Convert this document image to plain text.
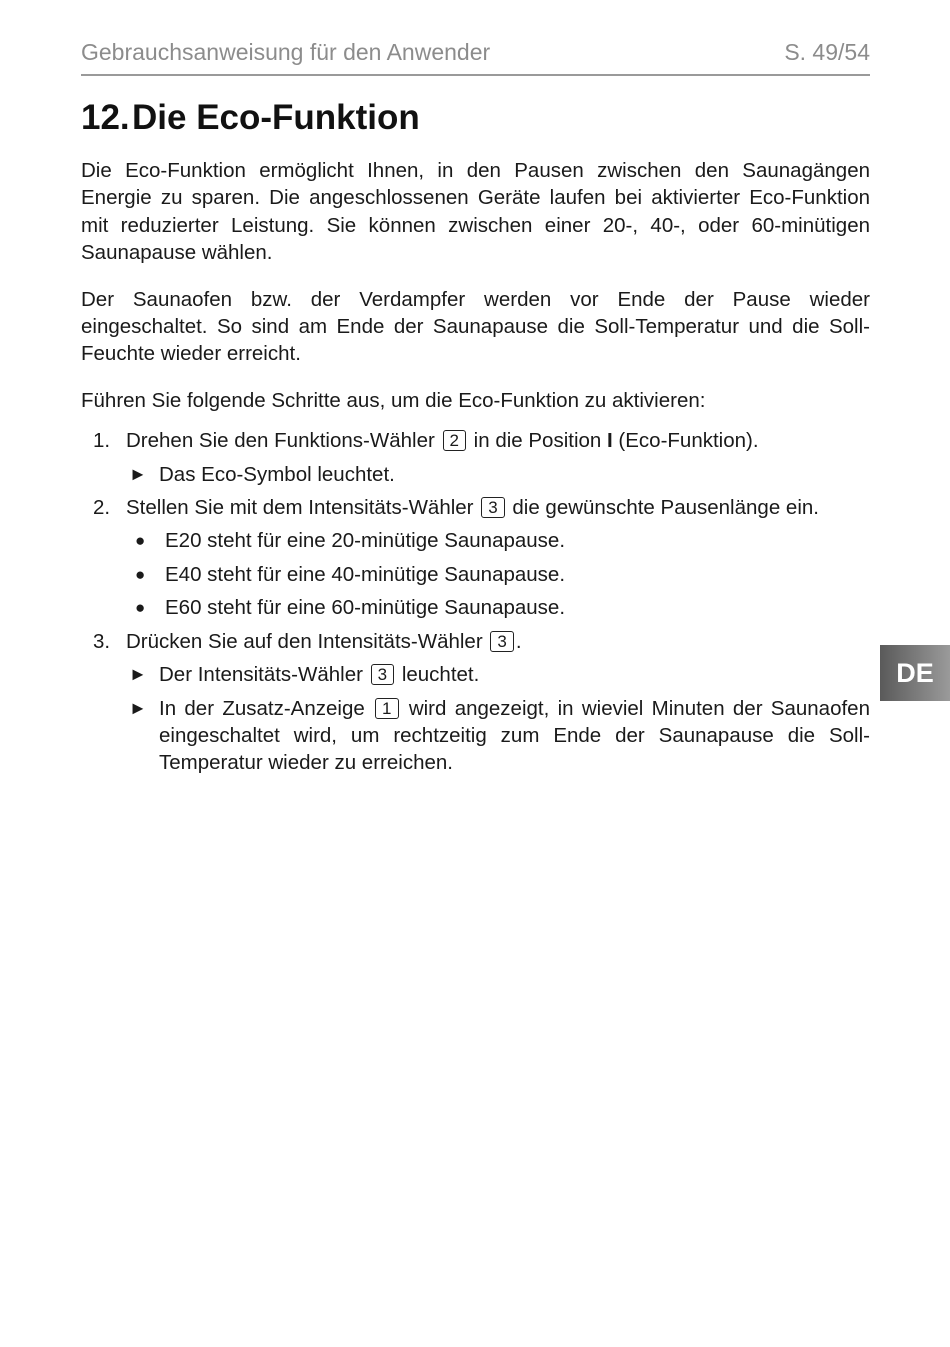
Gebrauchsanweisung für den Anwender	S. 49/54
12.Die Eco-Funktion

Die Eco-Funktion ermöglicht Ihnen, in den Pausen zwischen den Saunagängen Energie zu sparen. Die angeschlossenen Geräte laufen bei aktivierter Eco-Funktion mit reduzierter Leistung. Sie können zwischen einer 20-, 40-, oder 60-minütigen Saunapause wählen.

Der Saunaofen bzw. der Verdampfer werden vor Ende der Pause wieder eingeschaltet. So sind am Ende der Saunapause die Soll-Temperatur und die Soll-Feuchte wieder erreicht.

Führen Sie folgende Schritte aus, um die Eco-Funktion zu aktivieren:

1. Drehen Sie den Funktions-Wähler 2 in die Position I (Eco-Funktion).
► Das Eco-Symbol leuchtet.
2. Stellen Sie mit dem Intensitäts-Wähler 3 die gewünschte Pausenlänge ein.
● E20 steht für eine 20-minütige Saunapause.
● E40 steht für eine 40-minütige Saunapause.
● E60 steht für eine 60-minütige Saunapause.
3. Drücken Sie auf den Intensitäts-Wähler 3 .
► Der Intensitäts-Wähler 3 leuchtet.
► In der Zusatz-Anzeige 1 wird angezeigt, in wieviel Minuten der Saunaofen eingeschaltet wird, um rechtzeitig zum Ende der Saunapause die Soll-Temperatur wieder zu erreichen.
DE
